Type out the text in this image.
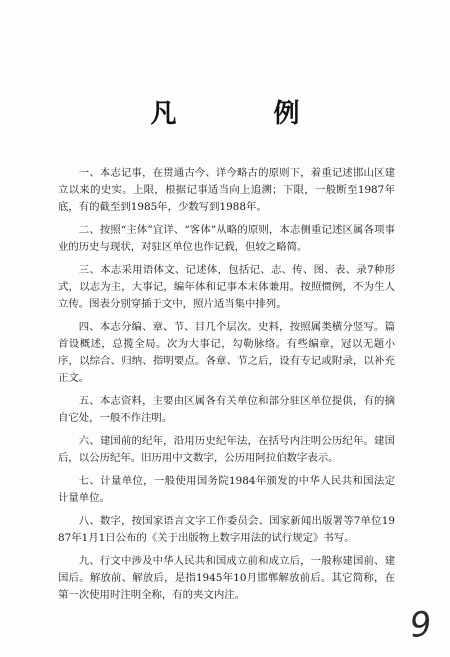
凡 例

一、本志记事，在贯通古今、详今略古的原则下，着重记述邯山区建立以来的史实。上限，根据记事适当向上追溯；下限，一般断至1987年底，有的截至到1985年，少数写到1988年。

二、按照“主体”宜详、“客体”从略的原则，本志侧重记述区属各项事业的历史与现状，对驻区单位也作记载，但较之略简。

三、本志采用语体文、记述体，包括记、志、传、图、表、录7种形式，以志为主，大事记，编年体和记事本末体兼用。按照惯例，不为生人立传。图表分别穿插于文中，照片适当集中排列。

四、本志分编、章、节、目几个层次。史料，按照属类横分竖写。篇首设概述，总揽全局。次为大事记，勾勒脉络。有些编章，冠以无题小序，以综合、归纳、指明要点。各章、节之后，设有专记或附录，以补充正文。

五、本志资料，主要由区属各有关单位和部分驻区单位提供，有的摘自它处，一般不作注明。

六、建国前的纪年，沿用历史纪年法，在括号内注明公历纪年。建国后，以公历纪年。旧历用中文数字，公历用阿拉伯数字表示。

七、计量单位，一般使用国务院1984年颁发的中华人民共和国法定计量单位。

八、数字，按国家语言文字工作委员会、国家新闻出版署等7单位1987年1月1日公布的《关于出版物上数字用法的试行规定》书写。

九、行文中涉及中华人民共和国成立前和成立后，一般称建国前、建国后。解放前、解放后，是指1945年10月邯郸解放前后。其它简称，在第一次使用时注明全称，有的夹文内注。

9
